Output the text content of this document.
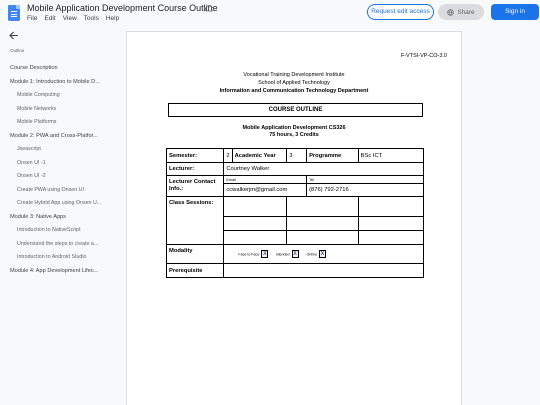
Mobile Application Development Course Outline
File Edit View Tools Help
Request edit access	Share	Sign in
Outline
Course Description
Module 1: Introduction to Mobile D...
Mobile Computing
Mobile Networks
Mobile Platforms
Module 2: PWA and Cross-Platfor...
Javascript
Onsen UI -1
Onsen UI -2
Create PWA using Onsen UI
Create Hybrid App using Onsen U...
Module 3: Native Apps
Introduction to NativeScript
Understand the steps to create a...
Introduction to Android Studio
Module 4: App Development Lifec...
F-VTSI-VP-CO-3.0
Vocational Training Development Institute
School of Applied Technology
Information and Communication Technology Department
COURSE OUTLINE
Mobile Application Development CS326
75 hours, 3 Credits
Semester:	2	Academic Year	3	Programme	BSc ICT
Lecturer:	Courtney Walker				
Lecturer Contact Info.:	Email			Tel	
	ccwalkerjm@gmail.com			(876) 792-2716	
Class Sessions:					

Modality	Face to Face X Blended X Online X				

Prerequisite					
